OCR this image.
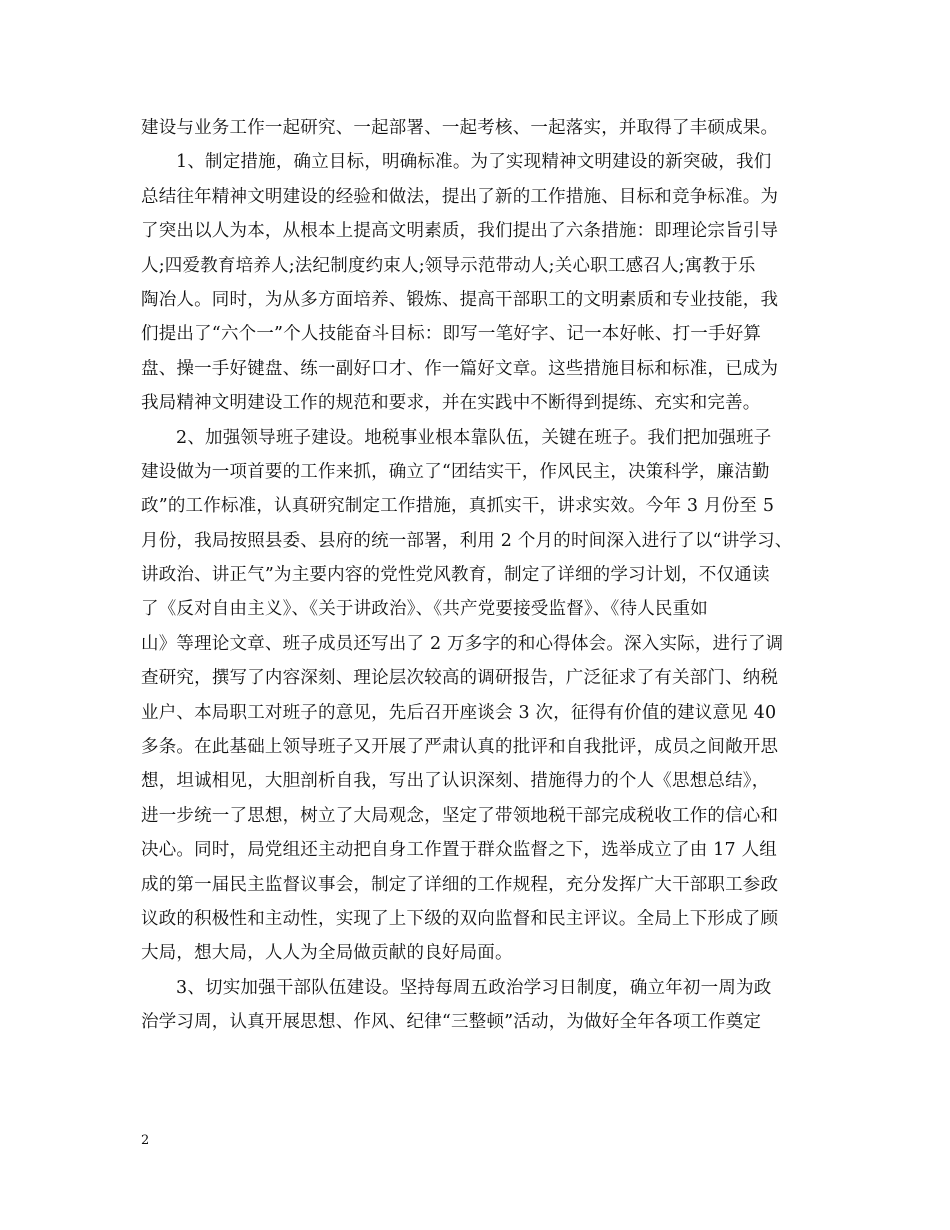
建设与业务工作一起研究、一起部署、一起考核、一起落实，并取得了丰硕成果。
1、制定措施，确立目标，明确标准。为了实现精神文明建设的新突破，我们
总结往年精神文明建设的经验和做法，提出了新的工作措施、目标和竞争标准。为
了突出以人为本，从根本上提高文明素质，我们提出了六条措施：即理论宗旨引导
人;四爱教育培养人;法纪制度约束人;领导示范带动人;关心职工感召人;寓教于乐
陶冶人。同时，为从多方面培养、锻炼、提高干部职工的文明素质和专业技能，我
们提出了“六个一”个人技能奋斗目标：即写一笔好字、记一本好帐、打一手好算
盘、操一手好键盘、练一副好口才、作一篇好文章。这些措施目标和标准，已成为
我局精神文明建设工作的规范和要求，并在实践中不断得到提练、充实和完善。
2、加强领导班子建设。地税事业根本靠队伍，关键在班子。我们把加强班子
建设做为一项首要的工作来抓，确立了“团结实干，作风民主，决策科学，廉洁勤
政”的工作标准，认真研究制定工作措施，真抓实干，讲求实效。今年 3 月份至 5
月份，我局按照县委、县府的统一部署，利用 2 个月的时间深入进行了以“讲学习、
讲政治、讲正气”为主要内容的党性党风教育，制定了详细的学习计划，不仅通读
了《反对自由主义》、《关于讲政治》、《共产党要接受监督》、《待人民重如
山》等理论文章、班子成员还写出了 2 万多字的和心得体会。深入实际，进行了调
查研究，撰写了内容深刻、理论层次较高的调研报告，广泛征求了有关部门、纳税
业户、本局职工对班子的意见，先后召开座谈会 3 次，征得有价值的建议意见 40
多条。在此基础上领导班子又开展了严肃认真的批评和自我批评，成员之间敞开思
想，坦诚相见，大胆剖析自我，写出了认识深刻、措施得力的个人《思想总结》，
进一步统一了思想，树立了大局观念，坚定了带领地税干部完成税收工作的信心和
决心。同时，局党组还主动把自身工作置于群众监督之下，选举成立了由 17 人组
成的第一届民主监督议事会，制定了详细的工作规程，充分发挥广大干部职工参政
议政的积极性和主动性，实现了上下级的双向监督和民主评议。全局上下形成了顾
大局，想大局，人人为全局做贡献的良好局面。
3、切实加强干部队伍建设。坚持每周五政治学习日制度，确立年初一周为政
治学习周，认真开展思想、作风、纪律“三整顿”活动，为做好全年各项工作奠定
2
